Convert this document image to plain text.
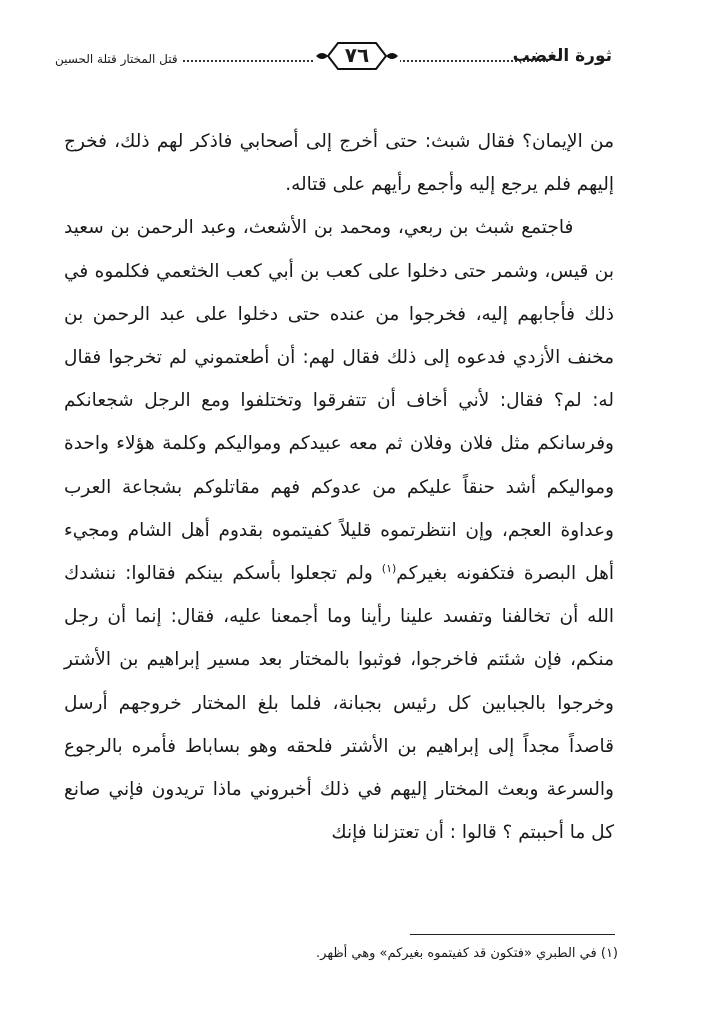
ثورة الغضب
قتل المختار قتلة الحسين	٧٦

من الإيمان؟ فقال شبث: حتى أخرج إلى أصحابي فاذكر لهم ذلك، فخرج إليهم فلم يرجع إليه وأجمع رأيهم على قتاله.

فاجتمع شبث بن ربعي، ومحمد بن الأشعث، وعبد الرحمن بن سعيد بن قيس، وشمر حتى دخلوا على كعب بن أبي كعب الخثعمي فكلموه في ذلك فأجابهم إليه، فخرجوا من عنده حتى دخلوا على عبد الرحمن بن مخنف الأزدي فدعوه إلى ذلك فقال لهم: أن أطعتموني لم تخرجوا فقال له: لم؟ فقال: لأني أخاف أن تتفرقوا وتختلفوا ومع الرجل شجعانكم وفرسانكم مثل فلان وفلان ثم معه عبيدكم ومواليكم وكلمة هؤلاء واحدة ومواليكم أشد حنقاً عليكم من عدوكم فهم مقاتلوكم بشجاعة العرب وعداوة العجم، وإن انتظرتموه قليلاً كفيتموه بقدوم أهل الشام ومجيء أهل البصرة فتكفونه بغيركم$^{(١)}$ ولم تجعلوا بأسكم بينكم فقالوا: ننشدك الله أن تخالفنا وتفسد علينا رأينا وما أجمعنا عليه، فقال: إنما أن رجل منكم، فإن شئتم فاخرجوا، فوثبوا بالمختار بعد مسير إبراهيم بن الأشتر وخرجوا بالجبابين كل رئيس بجبانة، فلما بلغ المختار خروجهم أرسل قاصداً مجداً إلى إبراهيم بن الأشتر فلحقه وهو بساباط فأمره بالرجوع والسرعة وبعث المختار إليهم في ذلك أخبروني ماذا تريدون فإني صانع كل ما أحببتم ؟ قالوا : أن تعتزلنا فإنك

(١) في الطبري «فتكون قد كفيتموه بغيركم» وهي أظهر.
